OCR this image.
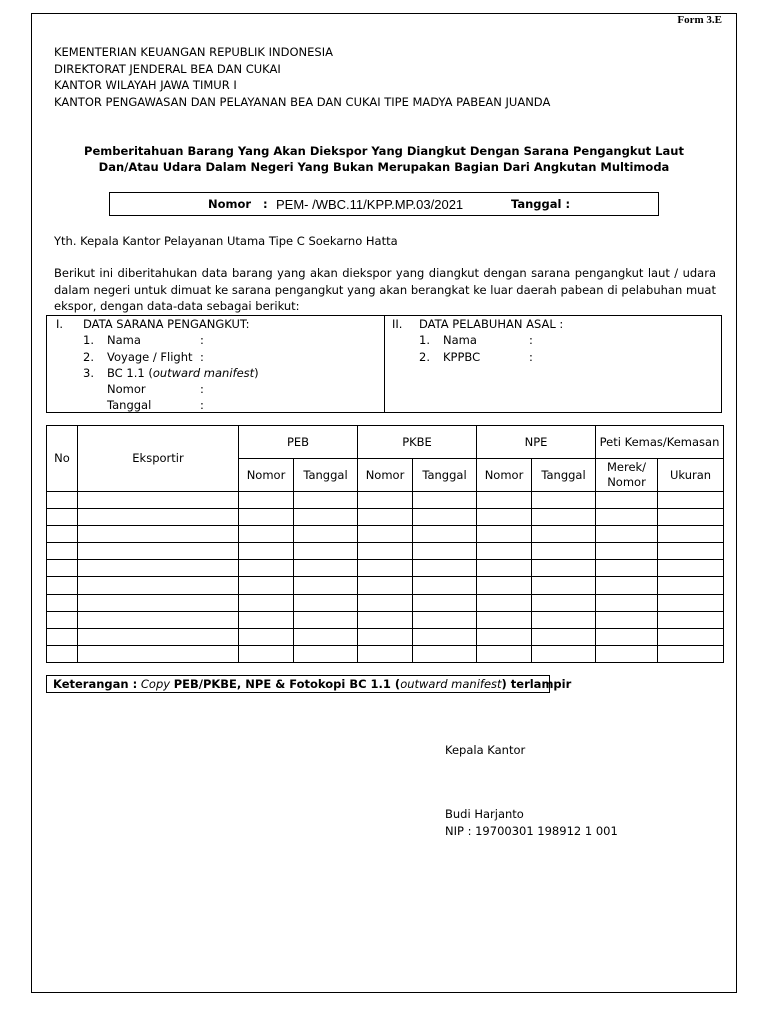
Form 3.E
KEMENTERIAN KEUANGAN REPUBLIK INDONESIA
DIREKTORAT JENDERAL BEA DAN CUKAI
KANTOR WILAYAH JAWA TIMUR I
KANTOR PENGAWASAN DAN PELAYANAN BEA DAN CUKAI TIPE MADYA PABEAN JUANDA
Pemberitahuan Barang Yang Akan Diekspor Yang Diangkut Dengan Sarana Pengangkut Laut
Dan/Atau Udara Dalam Negeri Yang Bukan Merupakan Bagian Dari Angkutan Multimoda
Nomor : PEM- /WBC.11/KPP.MP.03/2021	Tanggal :
Yth. Kepala Kantor Pelayanan Utama Tipe C Soekarno Hatta
Berikut ini diberitahukan data barang yang akan diekspor yang diangkut dengan sarana pengangkut laut / udara dalam negeri untuk dimuat ke sarana pengangkut yang akan berangkat ke luar daerah pabean di pelabuhan muat ekspor, dengan data-data sebagai berikut:
I. DATA SARANA PENGANGKUT:
1. Nama	:
2. Voyage / Flight :
3. BC 1.1 (outward manifest)
Nomor	:
Tanggal	:
II. DATA PELABUHAN ASAL :
1. Nama	:
2. KPPBC	:
No	Eksportir	PEB		PKBE		NPE		Peti Kemas/Kemasan	
		Nomor	Tanggal	Nomor	Tanggal	Nomor	Tanggal	Merek/ Nomor	Ukuran

Keterangan : Copy PEB/PKBE, NPE & Fotokopi BC 1.1 (outward manifest) terlampir
Kepala Kantor
Budi Harjanto
NIP : 19700301 198912 1 001
